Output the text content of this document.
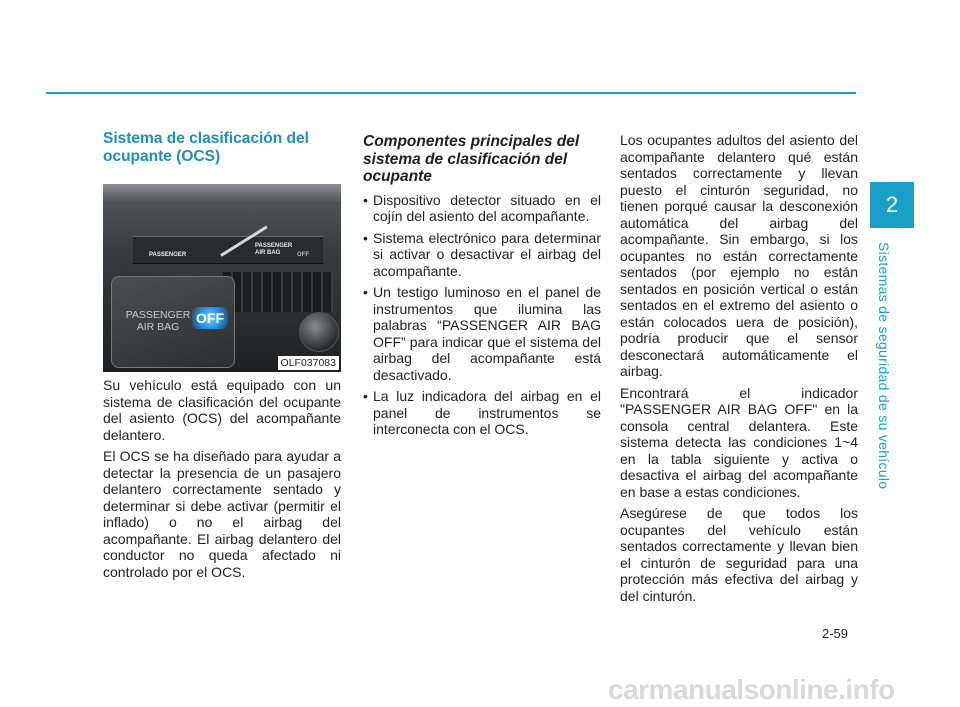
Sistema de clasificación del ocupante (OCS)
PASSENGER
PASSENGER AIR BAG	OFF
PASSENGER AIR BAG
OFF
OLF037083

Su vehículo está equipado con un sistema de clasificación del ocupante del asiento (OCS) del acompañante delantero.

El OCS se ha diseñado para ayudar a detectar la presencia de un pasajero delantero correctamente sentado y determinar si debe activar (permitir el inflado) o no el airbag del acompañante. El airbag delantero del conductor no queda afectado ni controlado por el OCS.

Componentes principales del sistema de clasificación del ocupante
• Dispositivo detector situado en el cojín del asiento del acompañante.
• Sistema electrónico para determinar si activar o desactivar el airbag del acompañante.
• Un testigo luminoso en el panel de instrumentos que ilumina las palabras “PASSENGER AIR BAG OFF” para indicar que el sistema del airbag del acompañante está desactivado.
• La luz indicadora del airbag en el panel de instrumentos se interconecta con el OCS.

Los ocupantes adultos del asiento del acompañante delantero qué están sentados correctamente y llevan puesto el cinturón seguridad, no tienen porqué causar la desconexión automática del airbag del acompañante. Sin embargo, si los ocupantes no están correctamente sentados (por ejemplo no están sentados en posición vertical o están sentados en el extremo del asiento o están colocados uera de posición), podría producir que el sensor desconectará automáticamente el airbag.

Encontrará el indicador "PASSENGER AIR BAG OFF" en la consola central delantera. Este sistema detecta las condiciones 1~4 en la tabla siguiente y activa o desactiva el airbag del acompañante en base a estas condiciones.

Asegúrese de que todos los ocupantes del vehículo están sentados correctamente y llevan bien el cinturón de seguridad para una protección más efectiva del airbag y del cinturón.

2
Sistemas de seguridad de su vehículo
2-59
carmanualsonline.info
